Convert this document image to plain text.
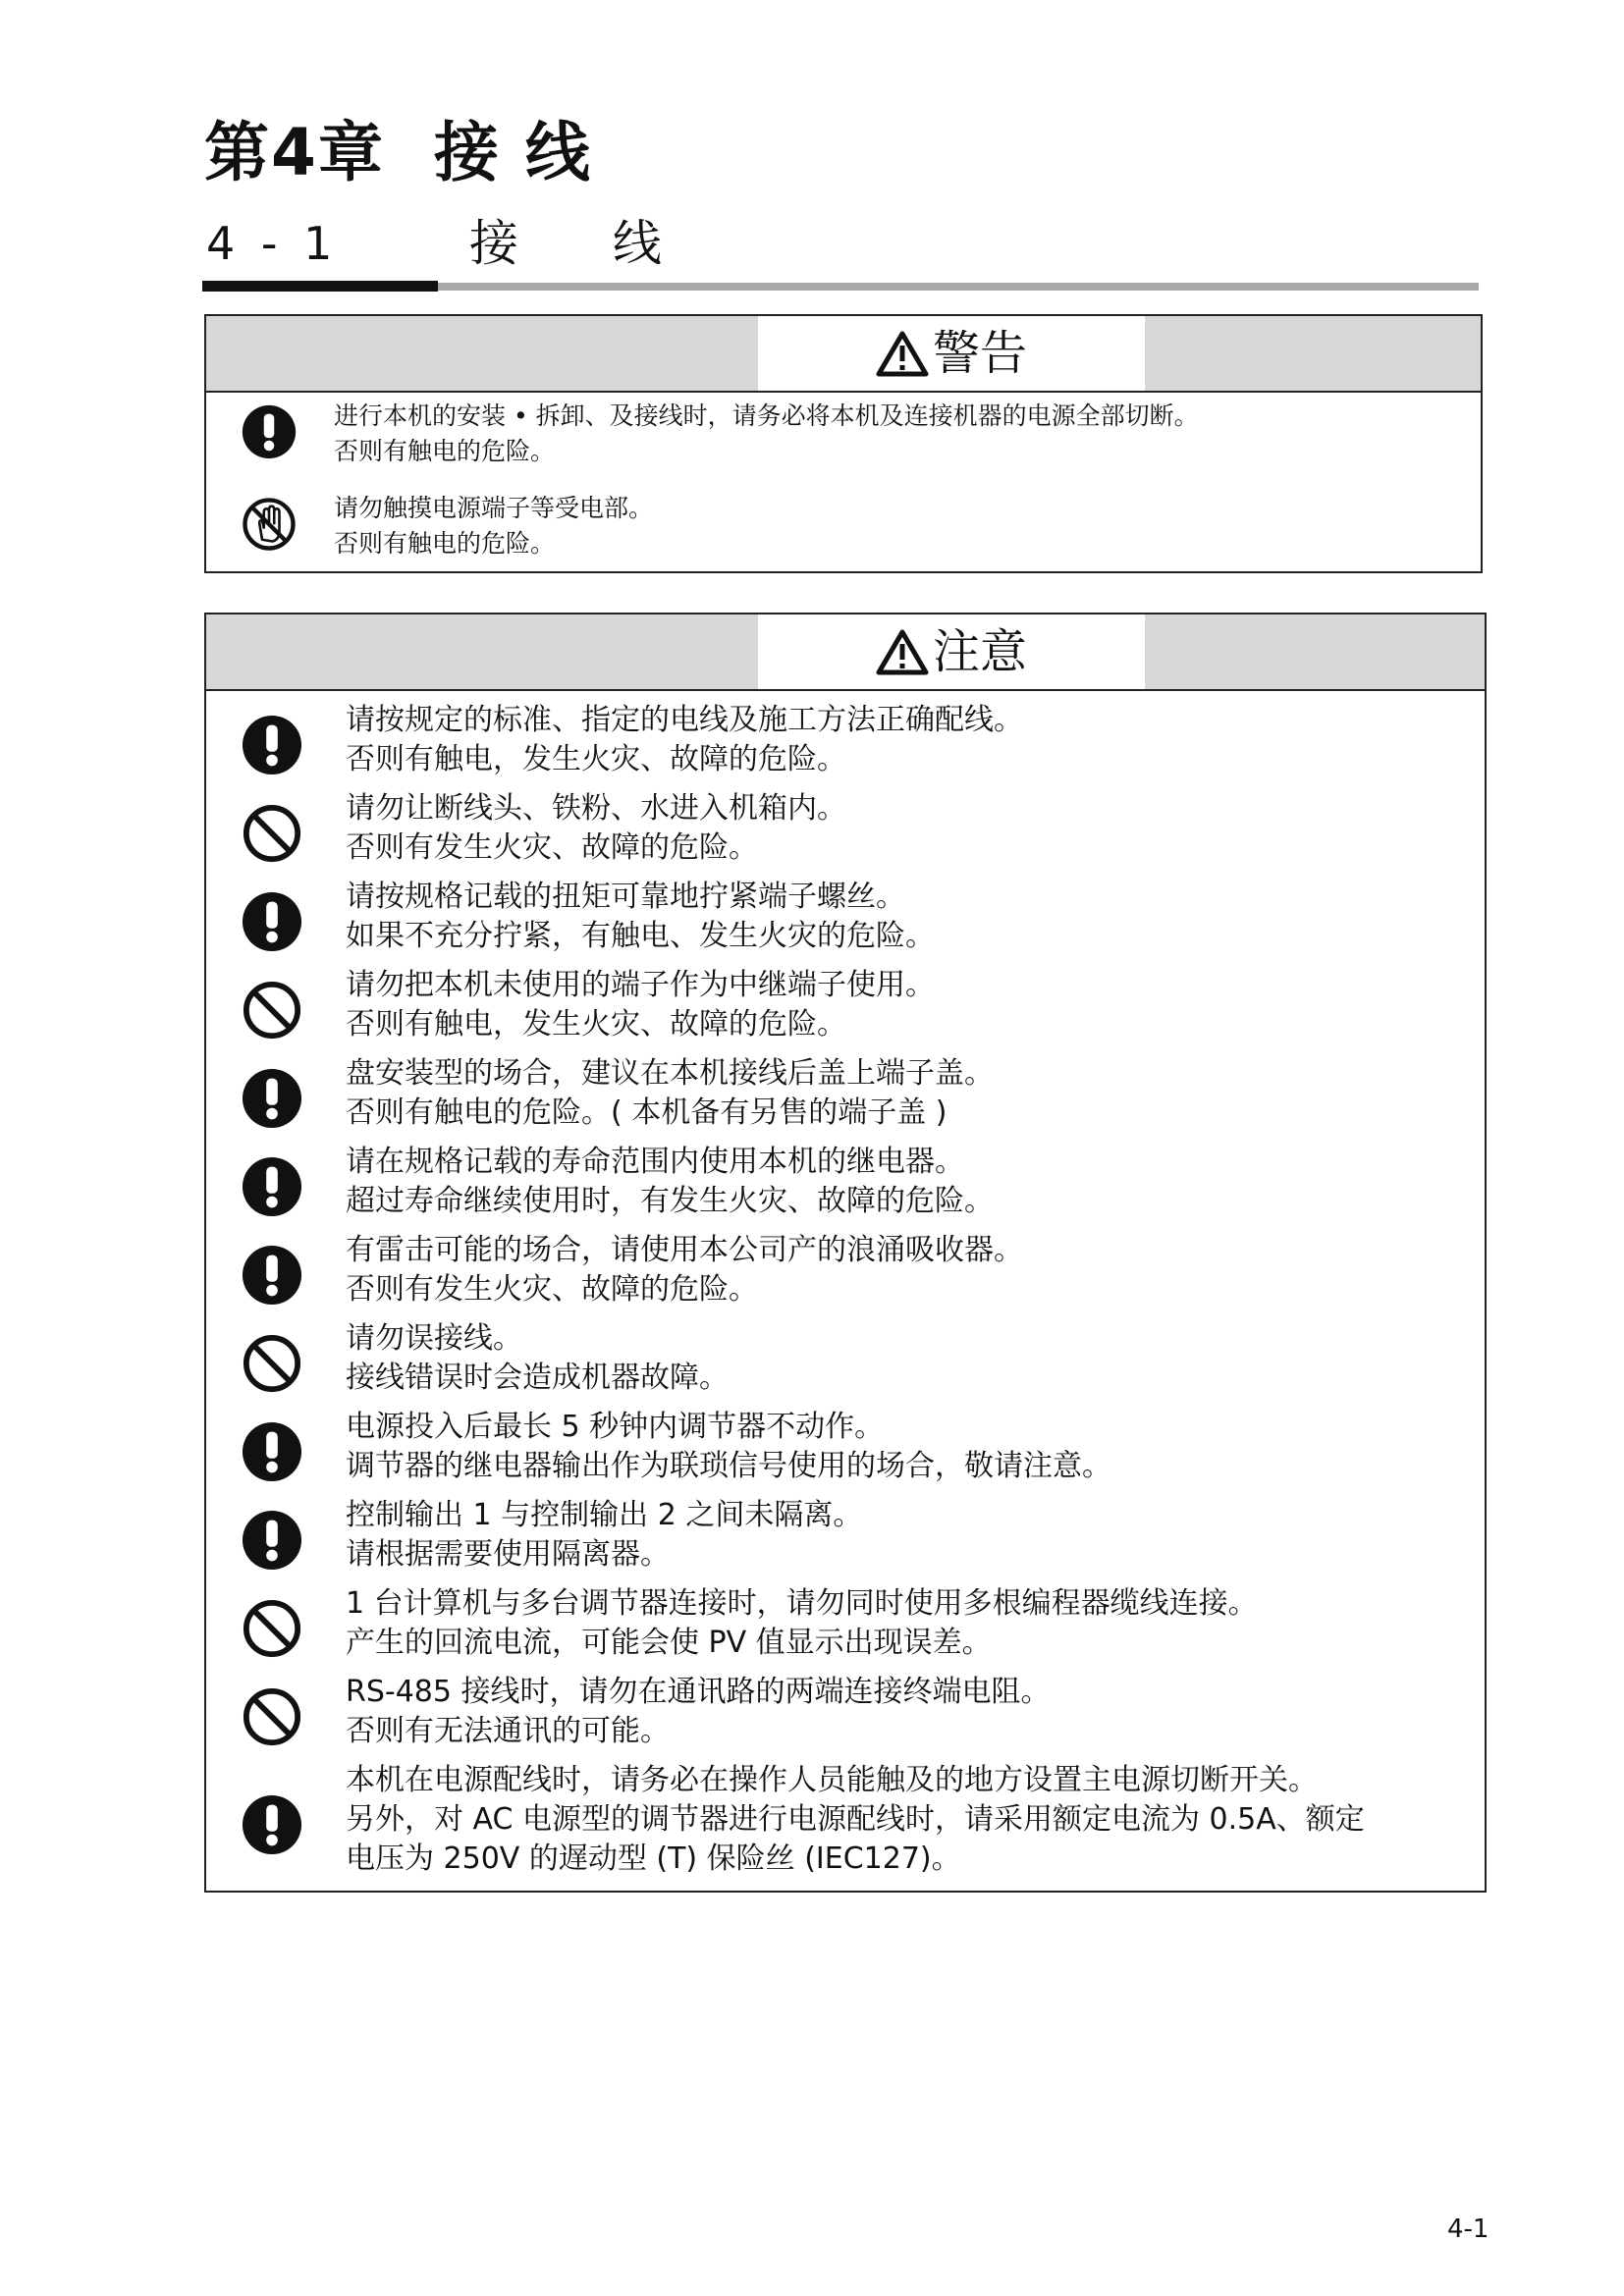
第4章 接 线
4 - 1	接 线
警告
进行本机的安装 • 拆卸、及接线时，请务必将本机及连接机器的电源全部切断。
否则有触电的危险。
请勿触摸电源端子等受电部。
否则有触电的危险。
注意
请按规定的标准、指定的电线及施工方法正确配线。
否则有触电，发生火灾、故障的危险。
请勿让断线头、铁粉、水进入机箱内。
否则有发生火灾、故障的危险。
请按规格记载的扭矩可靠地拧紧端子螺丝。
如果不充分拧紧，有触电、发生火灾的危险。
请勿把本机未使用的端子作为中继端子使用。
否则有触电，发生火灾、故障的危险。
盘安装型的场合，建议在本机接线后盖上端子盖。
否则有触电的危险。( 本机备有另售的端子盖 )
请在规格记载的寿命范围内使用本机的继电器。
超过寿命继续使用时，有发生火灾、故障的危险。
有雷击可能的场合，请使用本公司产的浪涌吸收器。
否则有发生火灾、故障的危险。
请勿误接线。
接线错误时会造成机器故障。
电源投入后最长 5 秒钟内调节器不动作。
调节器的继电器输出作为联琐信号使用的场合，敬请注意。
控制输出 1 与控制输出 2 之间未隔离。
请根据需要使用隔离器。
1 台计算机与多台调节器连接时，请勿同时使用多根编程器缆线连接。
产生的回流电流，可能会使 PV 值显示出现误差。
RS-485 接线时，请勿在通讯路的两端连接终端电阻。
否则有无法通讯的可能。
本机在电源配线时，请务必在操作人员能触及的地方设置主电源切断开关。
另外，对 AC 电源型的调节器进行电源配线时，请采用额定电流为 0.5A、额定
电压为 250V 的遅动型 (T) 保险丝 (IEC127)。
4-1
